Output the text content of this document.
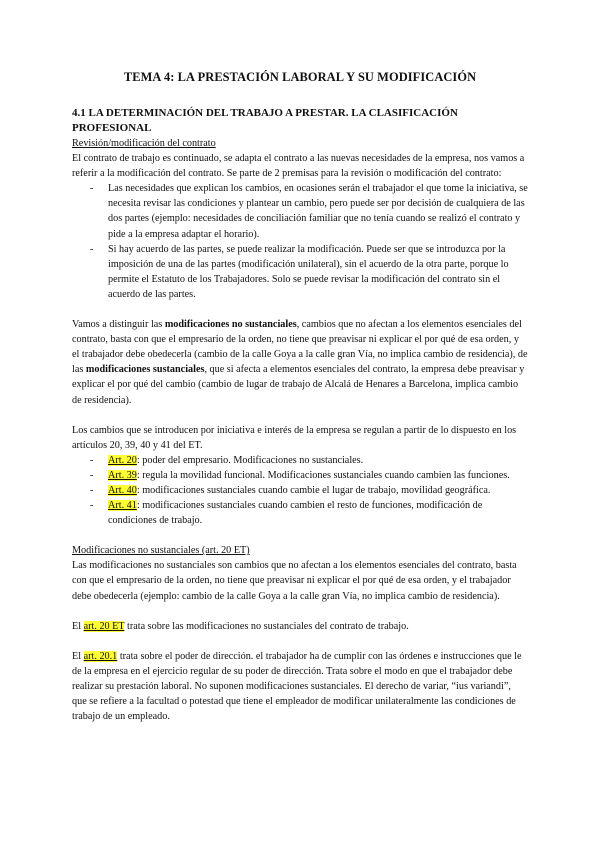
TEMA 4: LA PRESTACIÓN LABORAL Y SU MODIFICACIÓN
4.1 LA DETERMINACIÓN DEL TRABAJO A PRESTAR. LA CLASIFICACIÓN PROFESIONAL

Revisión/modificación del contrato

El contrato de trabajo es continuado, se adapta el contrato a las nuevas necesidades de la empresa, nos vamos a referir a la modificación del contrato. Se parte de 2 premisas para la revisión o modificación del contrato:

- Las necesidades que explican los cambios, en ocasiones serán el trabajador el que tome la iniciativa, se necesita revisar las condiciones y plantear un cambio, pero puede ser por decisión de cualquiera de las dos partes (ejemplo: necesidades de conciliación familiar que no tenía cuando se realizó el contrato y pide a la empresa adaptar el horario).
- Si hay acuerdo de las partes, se puede realizar la modificación. Puede ser que se introduzca por la imposición de una de las partes (modificación unilateral), sin el acuerdo de la otra parte, porque lo permite el Estatuto de los Trabajadores. Solo se puede revisar la modificación del contrato sin el acuerdo de las partes.

Vamos a distinguir las modificaciones no sustanciales, cambios que no afectan a los elementos esenciales del contrato, basta con que el empresario de la orden, no tiene que preavisar ni explicar el por qué de esa orden, y el trabajador debe obedecerla (cambio de la calle Goya a la calle gran Vía, no implica cambio de residencia), de las modificaciones sustanciales, que si afecta a elementos esenciales del contrato, la empresa debe preavisar y explicar el por qué del cambio (cambio de lugar de trabajo de Alcalá de Henares a Barcelona, implica cambio de residencia).

Los cambios que se introducen por iniciativa e interés de la empresa se regulan a partir de lo dispuesto en los artículos 20, 39, 40 y 41 del ET.

- Art. 20: poder del empresario. Modificaciones no sustanciales.
- Art. 39: regula la movilidad funcional. Modificaciones sustanciales cuando cambien las funciones.
- Art. 40: modificaciones sustanciales cuando cambie el lugar de trabajo, movilidad geográfica.
- Art. 41: modificaciones sustanciales cuando cambien el resto de funciones, modificación de condiciones de trabajo.

Modificaciones no sustanciales (art. 20 ET)

Las modificaciones no sustanciales son cambios que no afectan a los elementos esenciales del contrato, basta con que el empresario de la orden, no tiene que preavisar ni explicar el por qué de esa orden, y el trabajador debe obedecerla (ejemplo: cambio de la calle Goya a la calle gran Vía, no implica cambio de residencia).

El art. 20 ET trata sobre las modificaciones no sustanciales del contrato de trabajo.

El art. 20.1 trata sobre el poder de dirección. el trabajador ha de cumplir con las órdenes e instrucciones que le de la empresa en el ejercicio regular de su poder de dirección. Trata sobre el modo en que el trabajador debe realizar su prestación laboral. No suponen modificaciones sustanciales. El derecho de variar, “ius variandi”, que se refiere a la facultad o potestad que tiene el empleador de modificar unilateralmente las condiciones de trabajo de un empleado.
